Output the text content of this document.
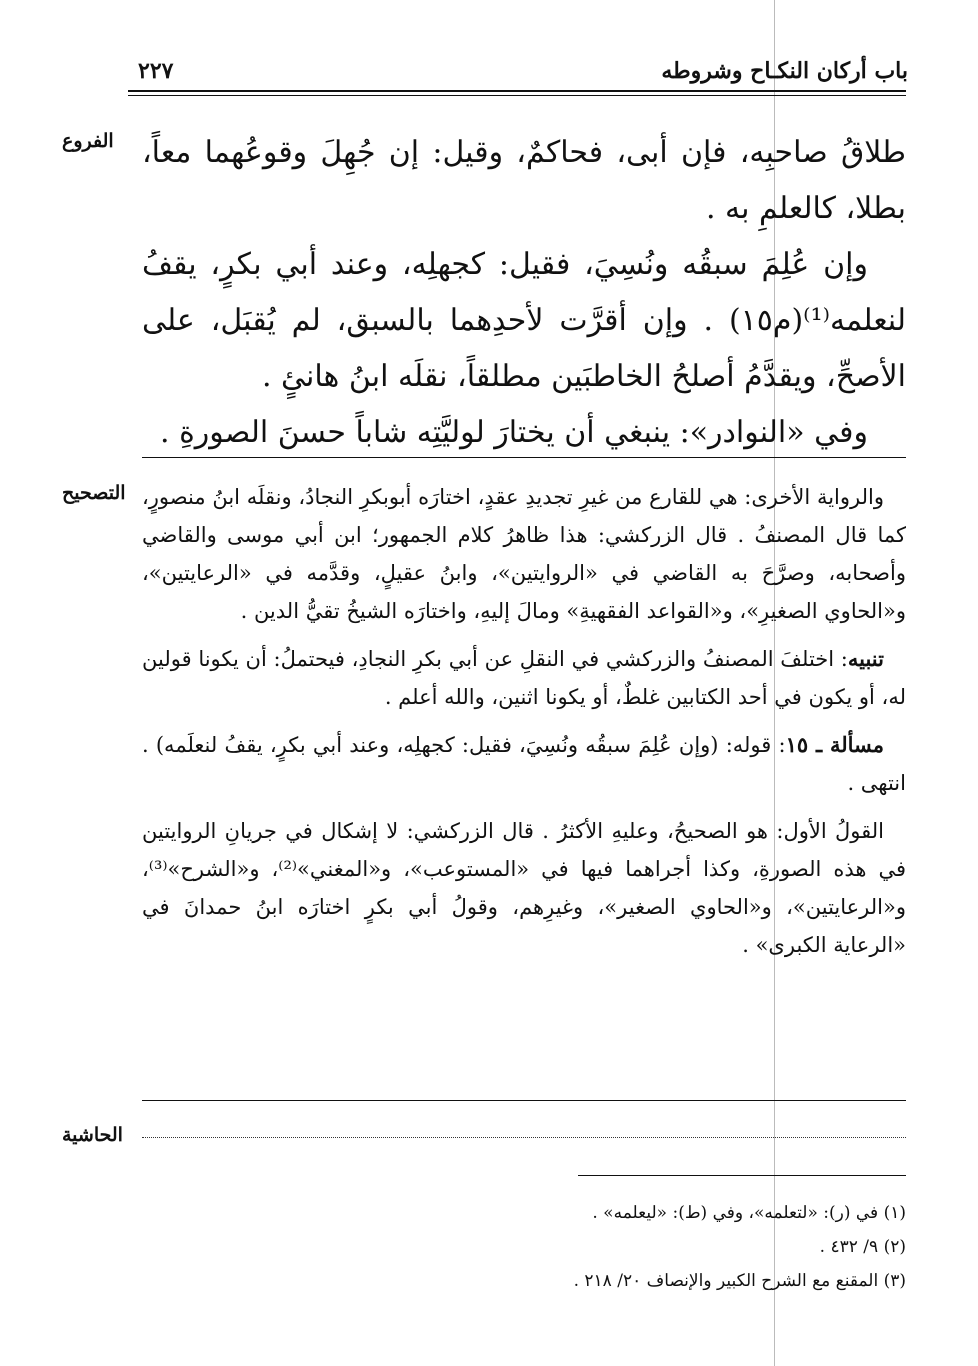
باب أركان النكـاح وشروطه
٢٢٧
الفروع طلاقُ صاحبِه، فإن أبى، فحاكمٌ، وقيل: إن جُهِلَ وقوعُهما معاً، بطلا، كالعلمِ به .

وإن عُلِمَ سبقُه ونُسِيَ، فقيل: كجهلِه، وعند أبي بكرٍ، يقفُ لنعلمه⁽¹⁾(م١٥) . وإن أقرَّت لأحدِهما بالسبق، لم يُقبَل، على الأصحِّ، ويقدَّمُ أصلحُ الخاطبَين مطلقاً، نقلَه ابنُ هانئٍ .

وفي «النوادر»: ينبغي أن يختارَ لوليَّتِه شاباً حسنَ الصورةِ .

التصحيح والرواية الأخرى: هي للقارع من غيرِ تجديدِ عقدٍ، اختارَه أبوبكرِ النجادُ، ونقلَه ابنُ منصورٍ، كما قال المصنفُ . قال الزركشي: هذا ظاهرُ كلام الجمهور؛ ابن أبي موسى والقاضي وأصحابه، وصرَّحَ به القاضي في «الروايتين»، وابنُ عقيلٍ، وقدَّمه في «الرعايتين»، و«الحاوي الصغيرِ»، و«القواعد الفقهيةِ» ومالَ إليهِ، واختارَه الشيخُ تقيُّ الدين .

تنبيه: اختلفَ المصنفُ والزركشي في النقلِ عن أبي بكرِ النجادِ، فيحتملُ: أن يكونا قولين له، أو يكون في أحد الكتابين غلطٌ، أو يكونا اثنين، والله أعلم .

مسألة ـ ١٥: قوله: (وإن عُلِمَ سبقُه ونُسِيَ، فقيل: كجهلِه، وعند أبي بكرٍ، يقفُ لنعلَمه) . انتهى .

القولُ الأول: هو الصحيحُ، وعليهِ الأكثرُ . قال الزركشي: لا إشكال في جريانِ الروايتين في هذه الصورةِ، وكذا أجراهما فيها في «المستوعب»، و«المغني»⁽²⁾، و«الشرح»⁽³⁾، و«الرعايتين»، و«الحاوي الصغير»، وغيرِهم، وقولُ أبي بكرٍ اختارَه ابنُ حمدانَ في «الرعاية الكبرى» .

الحاشية
(١) في (ر): «لتعلمه»، وفي (ط): «ليعلمه» .
(٢) ٩/ ٤٣٢ .
(٣) المقنع مع الشرح الكبير والإنصاف ٢٠/ ٢١٨ .
